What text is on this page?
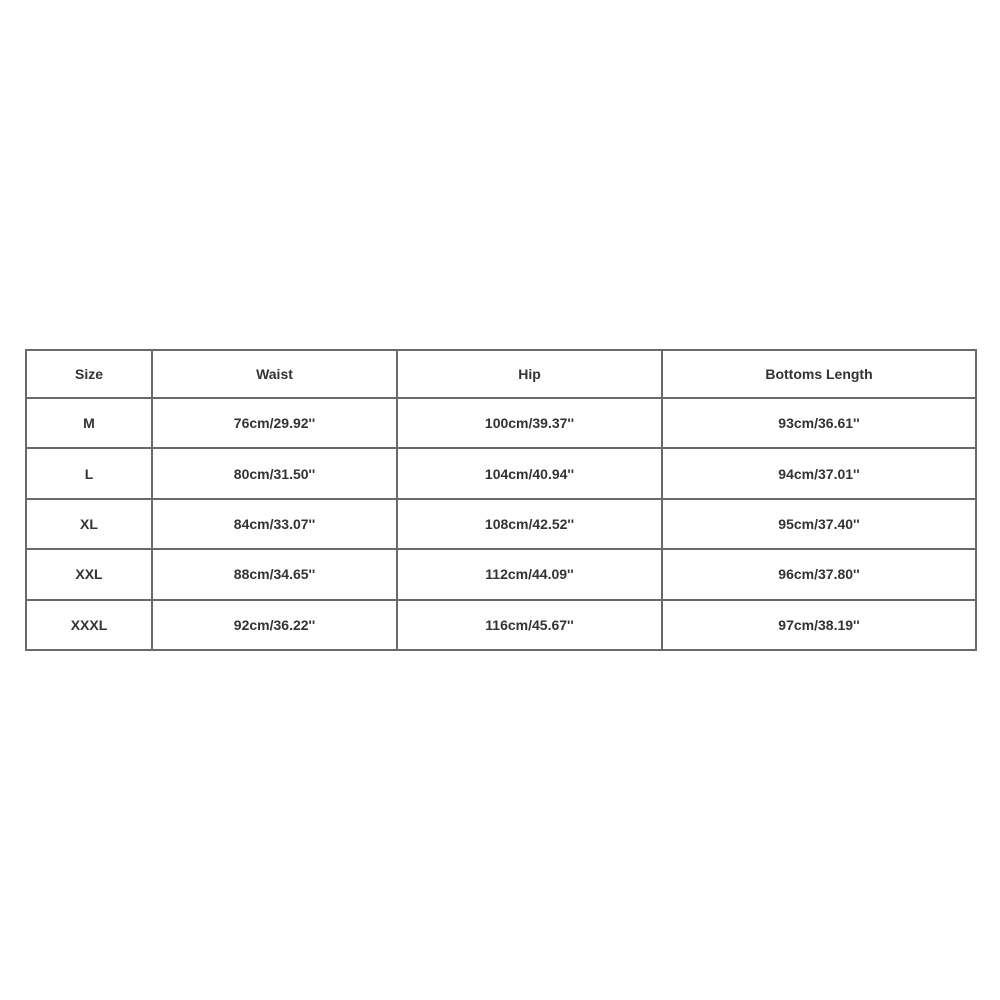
Size	Waist	Hip	Bottoms Length
M	76cm/29.92''	100cm/39.37''	93cm/36.61''
L	80cm/31.50''	104cm/40.94''	94cm/37.01''
XL	84cm/33.07''	108cm/42.52''	95cm/37.40''
XXL	88cm/34.65''	112cm/44.09''	96cm/37.80''
XXXL	92cm/36.22''	116cm/45.67''	97cm/38.19''
